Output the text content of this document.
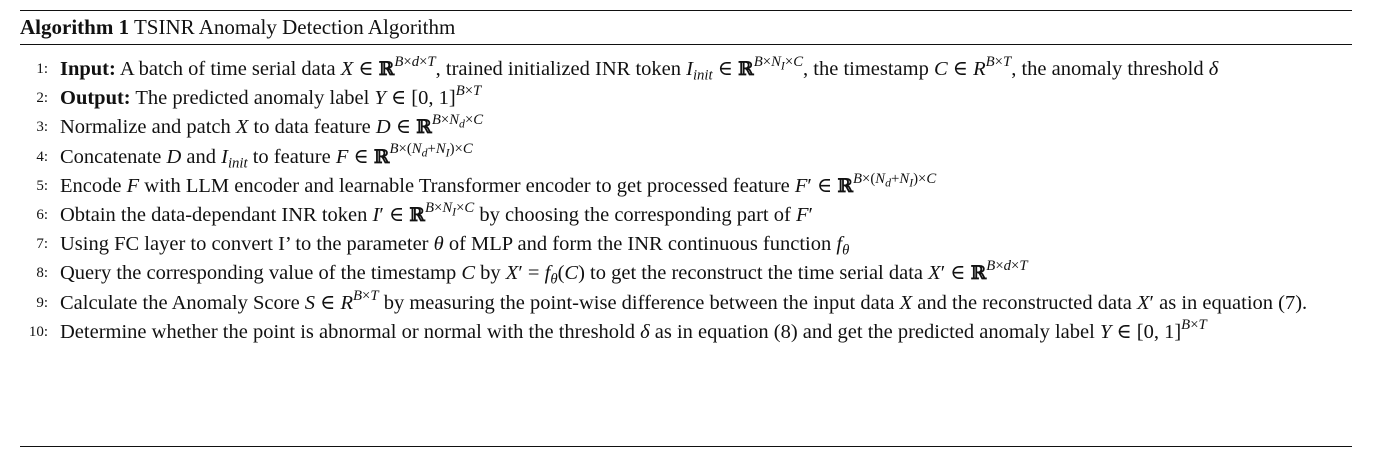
Algorithm 1 TSINR Anomaly Detection Algorithm
1: Input: A batch of time serial data X ∈ ℝ$^{B\times d\times T}$, trained initialized INR token $I_{init}$ ∈ ℝ$^{B\times N_I\times C}$, the timestamp C ∈ $R^{B\times T}$, the anomaly threshold δ
2: Output: The predicted anomaly label Y ∈ [0, 1]$^{B\times T}$
3: Normalize and patch X to data feature D ∈ ℝ$^{B\times N_d\times C}$
4: Concatenate D and $I_{init}$ to feature F ∈ ℝ$^{B\times(N_d+N_I)\times C}$
5: Encode F with LLM encoder and learnable Transformer encoder to get processed feature F′ ∈ ℝ$^{B\times(N_d+N_I)\times C}$
6: Obtain the data-dependant INR token I′ ∈ ℝ$^{B\times N_I\times C}$ by choosing the corresponding part of F′
7: Using FC layer to convert I’ to the parameter θ of MLP and form the INR continuous function $f_\theta$
8: Query the corresponding value of the timestamp C by $X' = f_\theta(C)$ to get the reconstruct the time serial data X′ ∈ ℝ$^{B\times d\times T}$
9: Calculate the Anomaly Score S ∈ $R^{B\times T}$ by measuring the point-wise difference between the input data X and the reconstructed data X′ as in equation (7).
10: Determine whether the point is abnormal or normal with the threshold δ as in equation (8) and get the predicted anomaly label Y ∈ [0, 1]$^{B\times T}$
